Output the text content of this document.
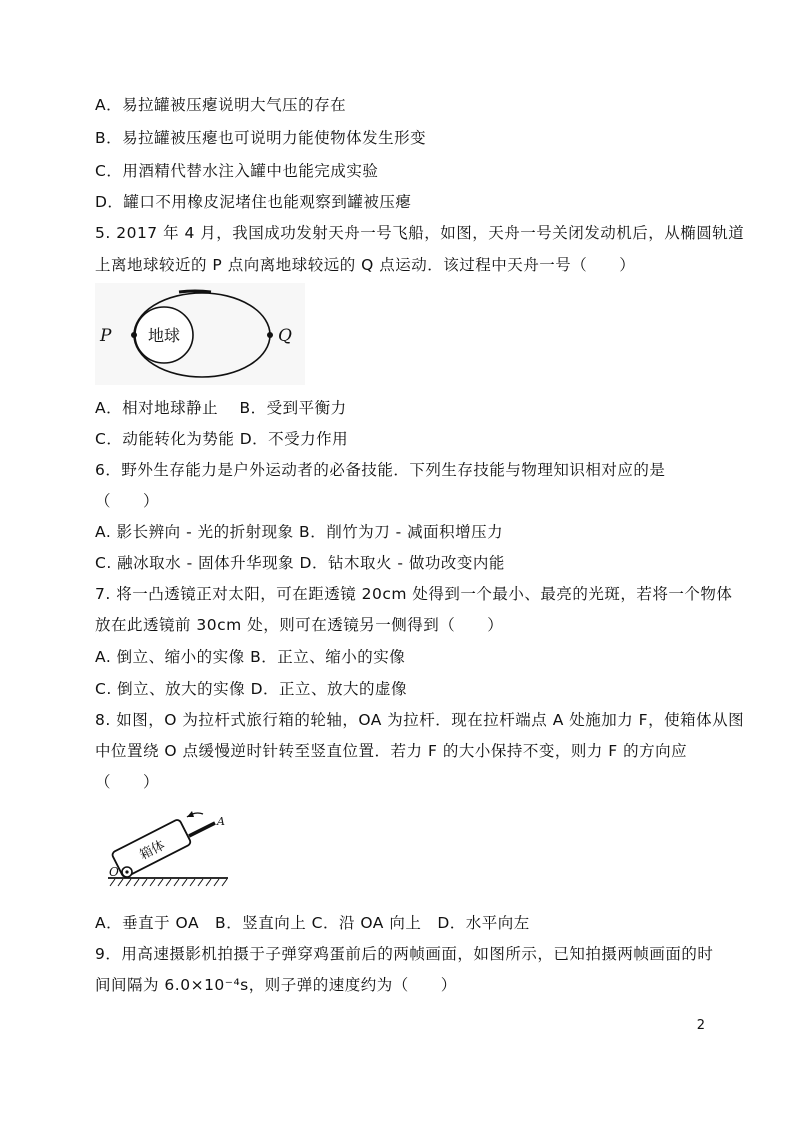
A．易拉罐被压瘪说明大气压的存在
B．易拉罐被压瘪也可说明力能使物体发生形变
C．用酒精代替水注入罐中也能完成实验
D．罐口不用橡皮泥堵住也能观察到罐被压瘪
5. 2017 年 4 月，我国成功发射天舟一号飞船，如图，天舟一号关闭发动机后，从椭圆轨道
上离地球较近的 P 点向离地球较远的 Q 点运动．该过程中天舟一号（　　）
地球
P	Q
A．相对地球静止　 B．受到平衡力
C．动能转化为势能 D．不受力作用
6．野外生存能力是户外运动者的必备技能．下列生存技能与物理知识相对应的是
（　　）
A. 影长辨向 - 光的折射现象 B．削竹为刀 - 减面积增压力
C. 融冰取水 - 固体升华现象 D．钻木取火 - 做功改变内能
7. 将一凸透镜正对太阳，可在距透镜 20cm 处得到一个最小、最亮的光斑，若将一个物体
放在此透镜前 30cm 处，则可在透镜另一侧得到（　　）
A. 倒立、缩小的实像 B．正立、缩小的实像
C. 倒立、放大的实像 D．正立、放大的虚像
8. 如图，O 为拉杆式旅行箱的轮轴，OA 为拉杆．现在拉杆端点 A 处施加力 F，使箱体从图
中位置绕 O 点缓慢逆时针转至竖直位置．若力 F 的大小保持不变，则力 F 的方向应
（　　）
箱体
O
A
A．垂直于 OA　B．竖直向上 C．沿 OA 向上　D．水平向左
9．用高速摄影机拍摄于子弹穿鸡蛋前后的两帧画面，如图所示，已知拍摄两帧画面的时
间间隔为 6.0×10⁻⁴s，则子弹的速度约为（　　）
2
